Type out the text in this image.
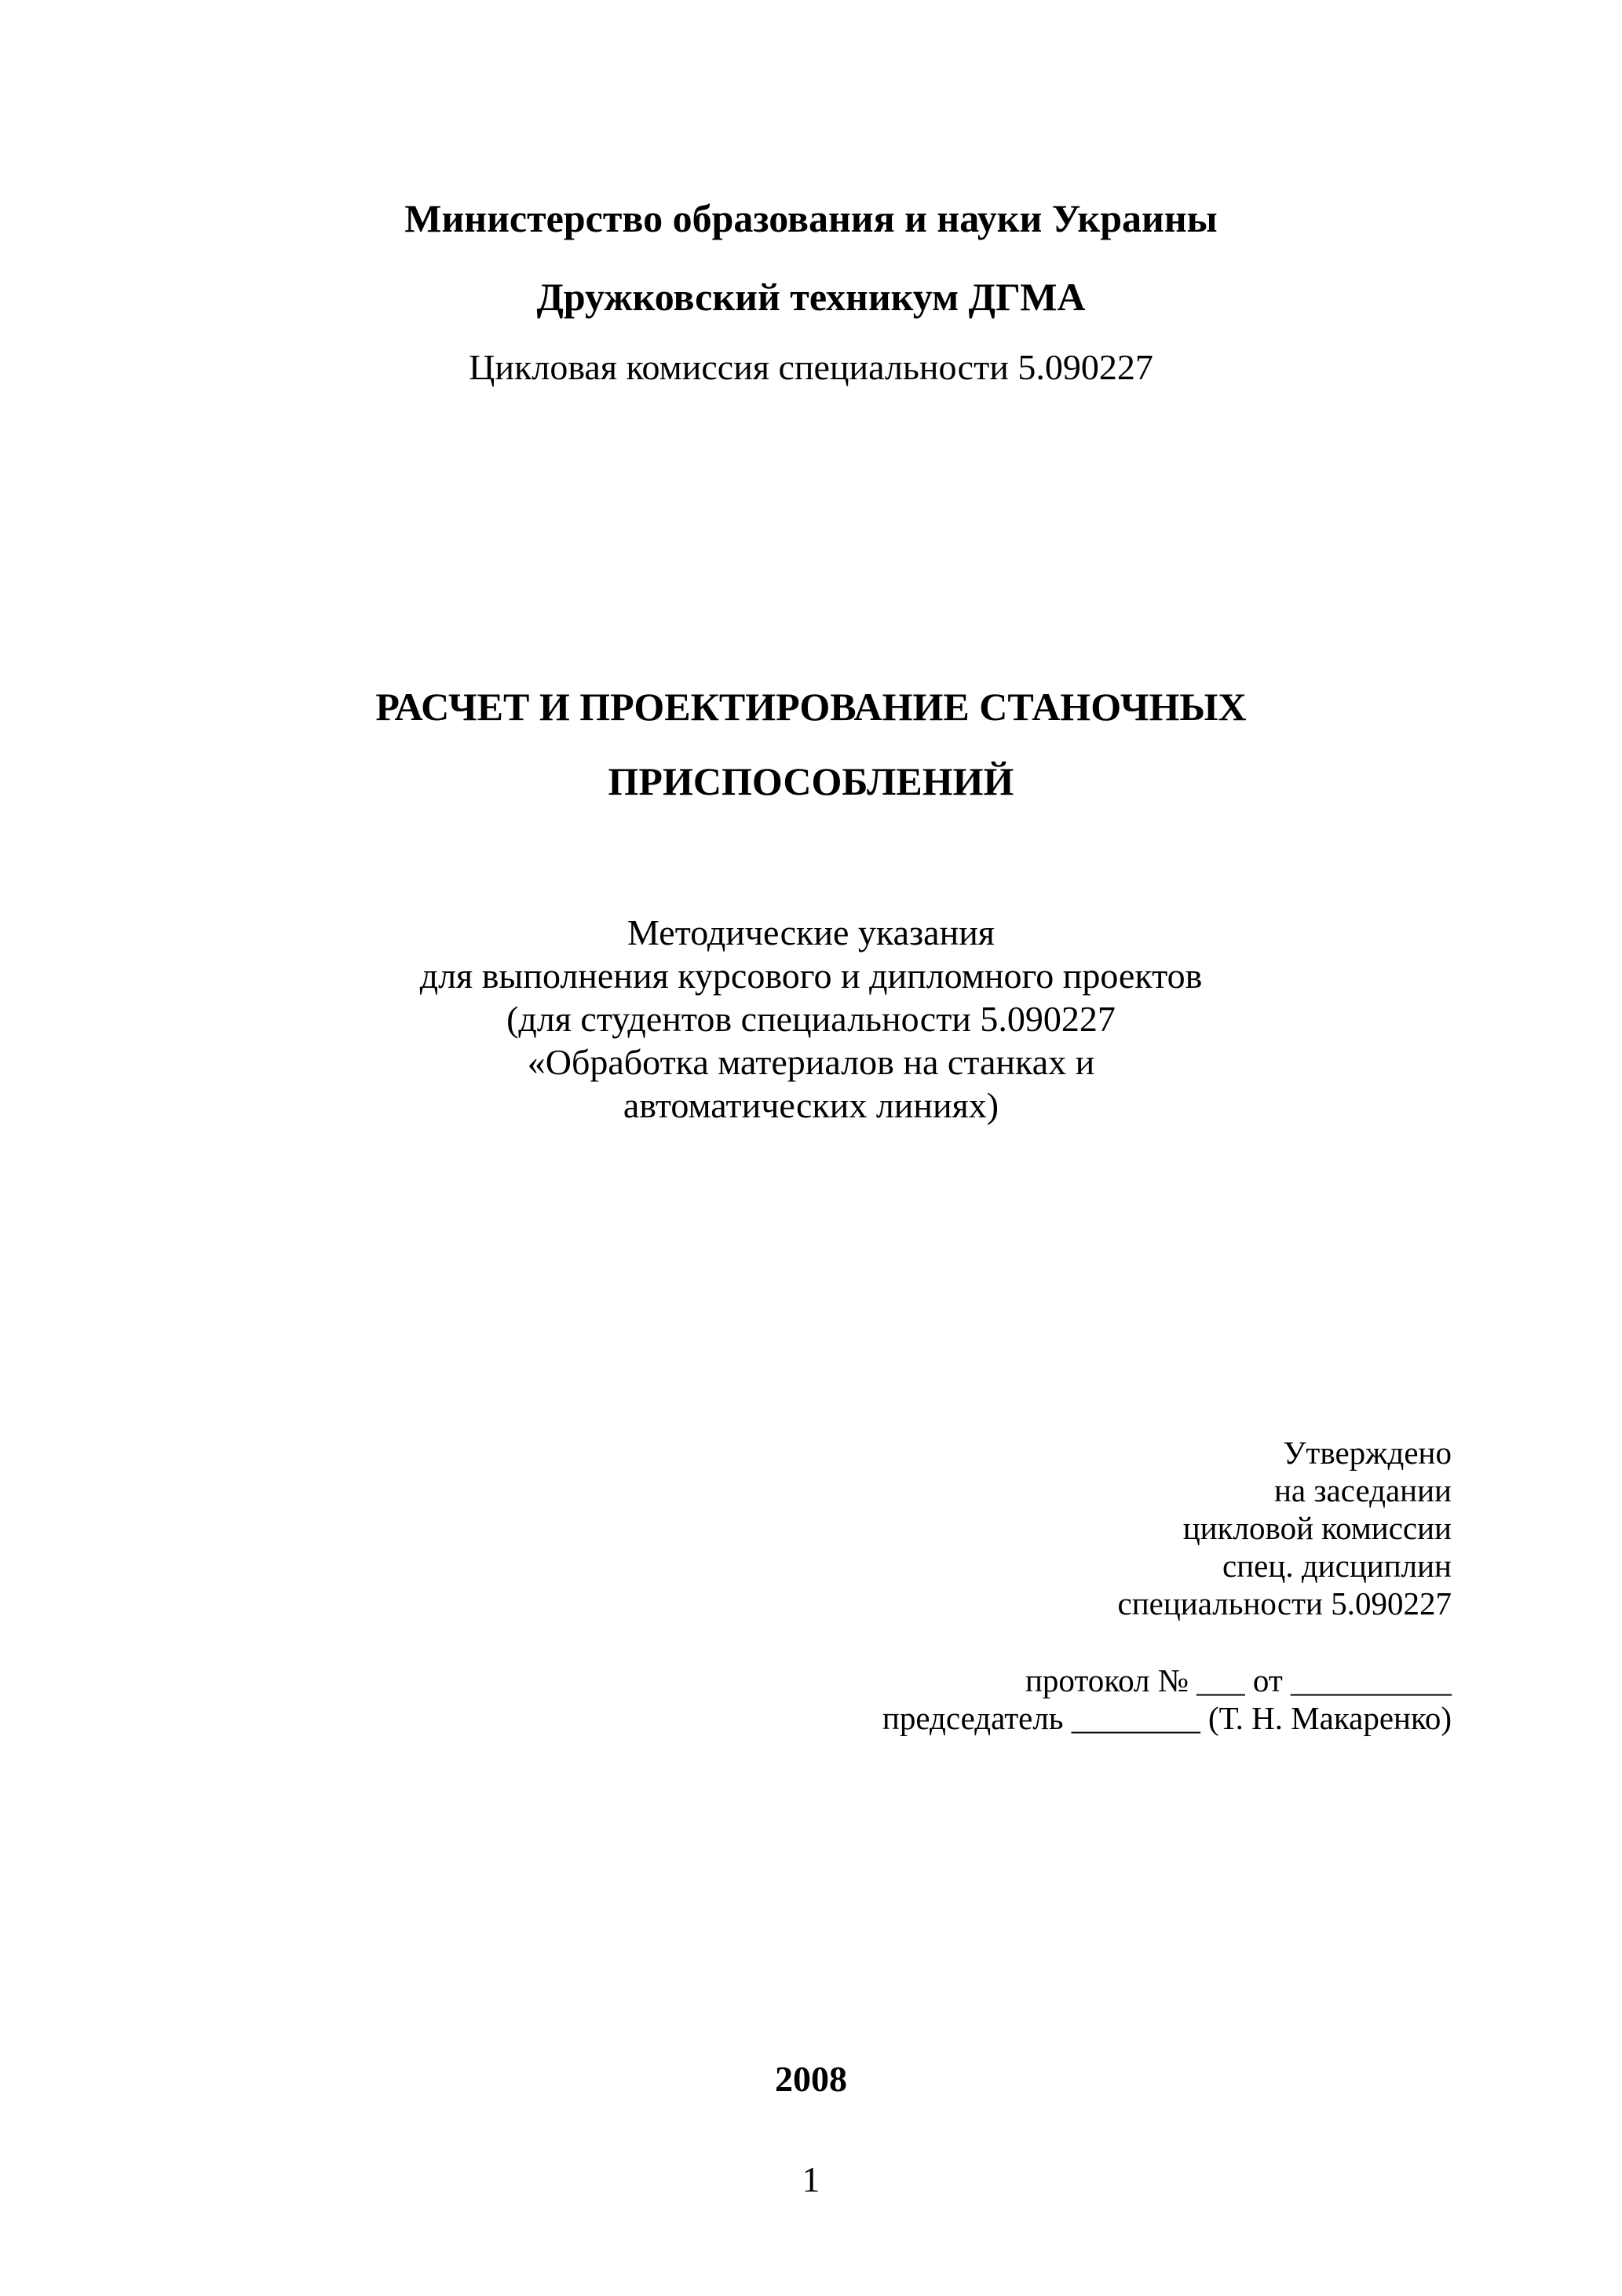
Министерство образования и науки Украины
Дружковский техникум ДГМА
Цикловая комиссия специальности 5.090227
РАСЧЕТ И ПРОЕКТИРОВАНИЕ СТАНОЧНЫХ
ПРИСПОСОБЛЕНИЙ
Методические указания
для выполнения курсового и дипломного проектов
(для студентов специальности 5.090227
«Обработка материалов на станках и
автоматических линиях)
Утверждено
на заседании
цикловой комиссии
спец. дисциплин
специальности 5.090227
протокол № ___ от __________
председатель ________ (Т. Н. Макаренко)
2008
1
